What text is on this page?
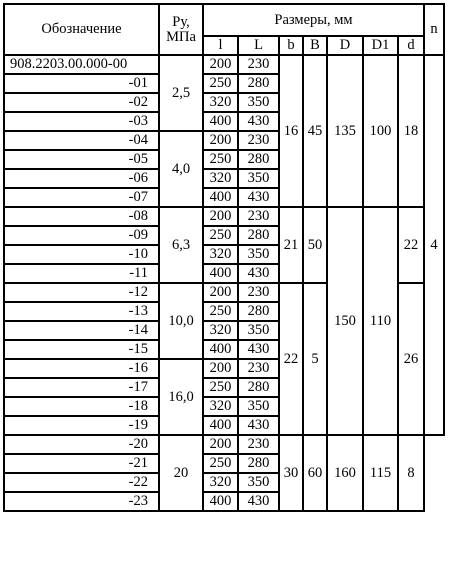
Обозначение	Ру,
МПа	Размеры, мм							n
		l	L	b	B	D	D1	d	
908.2203.00.000-00	2,5	200	230	16	45	135	100	18	4
-01		250	280						
-02		320	350						
-03		400	430						
-04	4,0	200	230						
-05		250	280						
-06		320	350						
-07		400	430						
-08	6,3	200	230	21	50	150	110	22	
-09		250	280						
-10		320	350						
-11		400	430						
-12	10,0	200	230	22	5			26	
-13		250	280						
-14		320	350						
-15		400	430						
-16	16,0	200	230						
-17		250	280						
-18		320	350						
-19		400	430						
-20	20	200	230	30	60	160	115	8	
-21		250	280						
-22		320	350						
-23		400	430						
